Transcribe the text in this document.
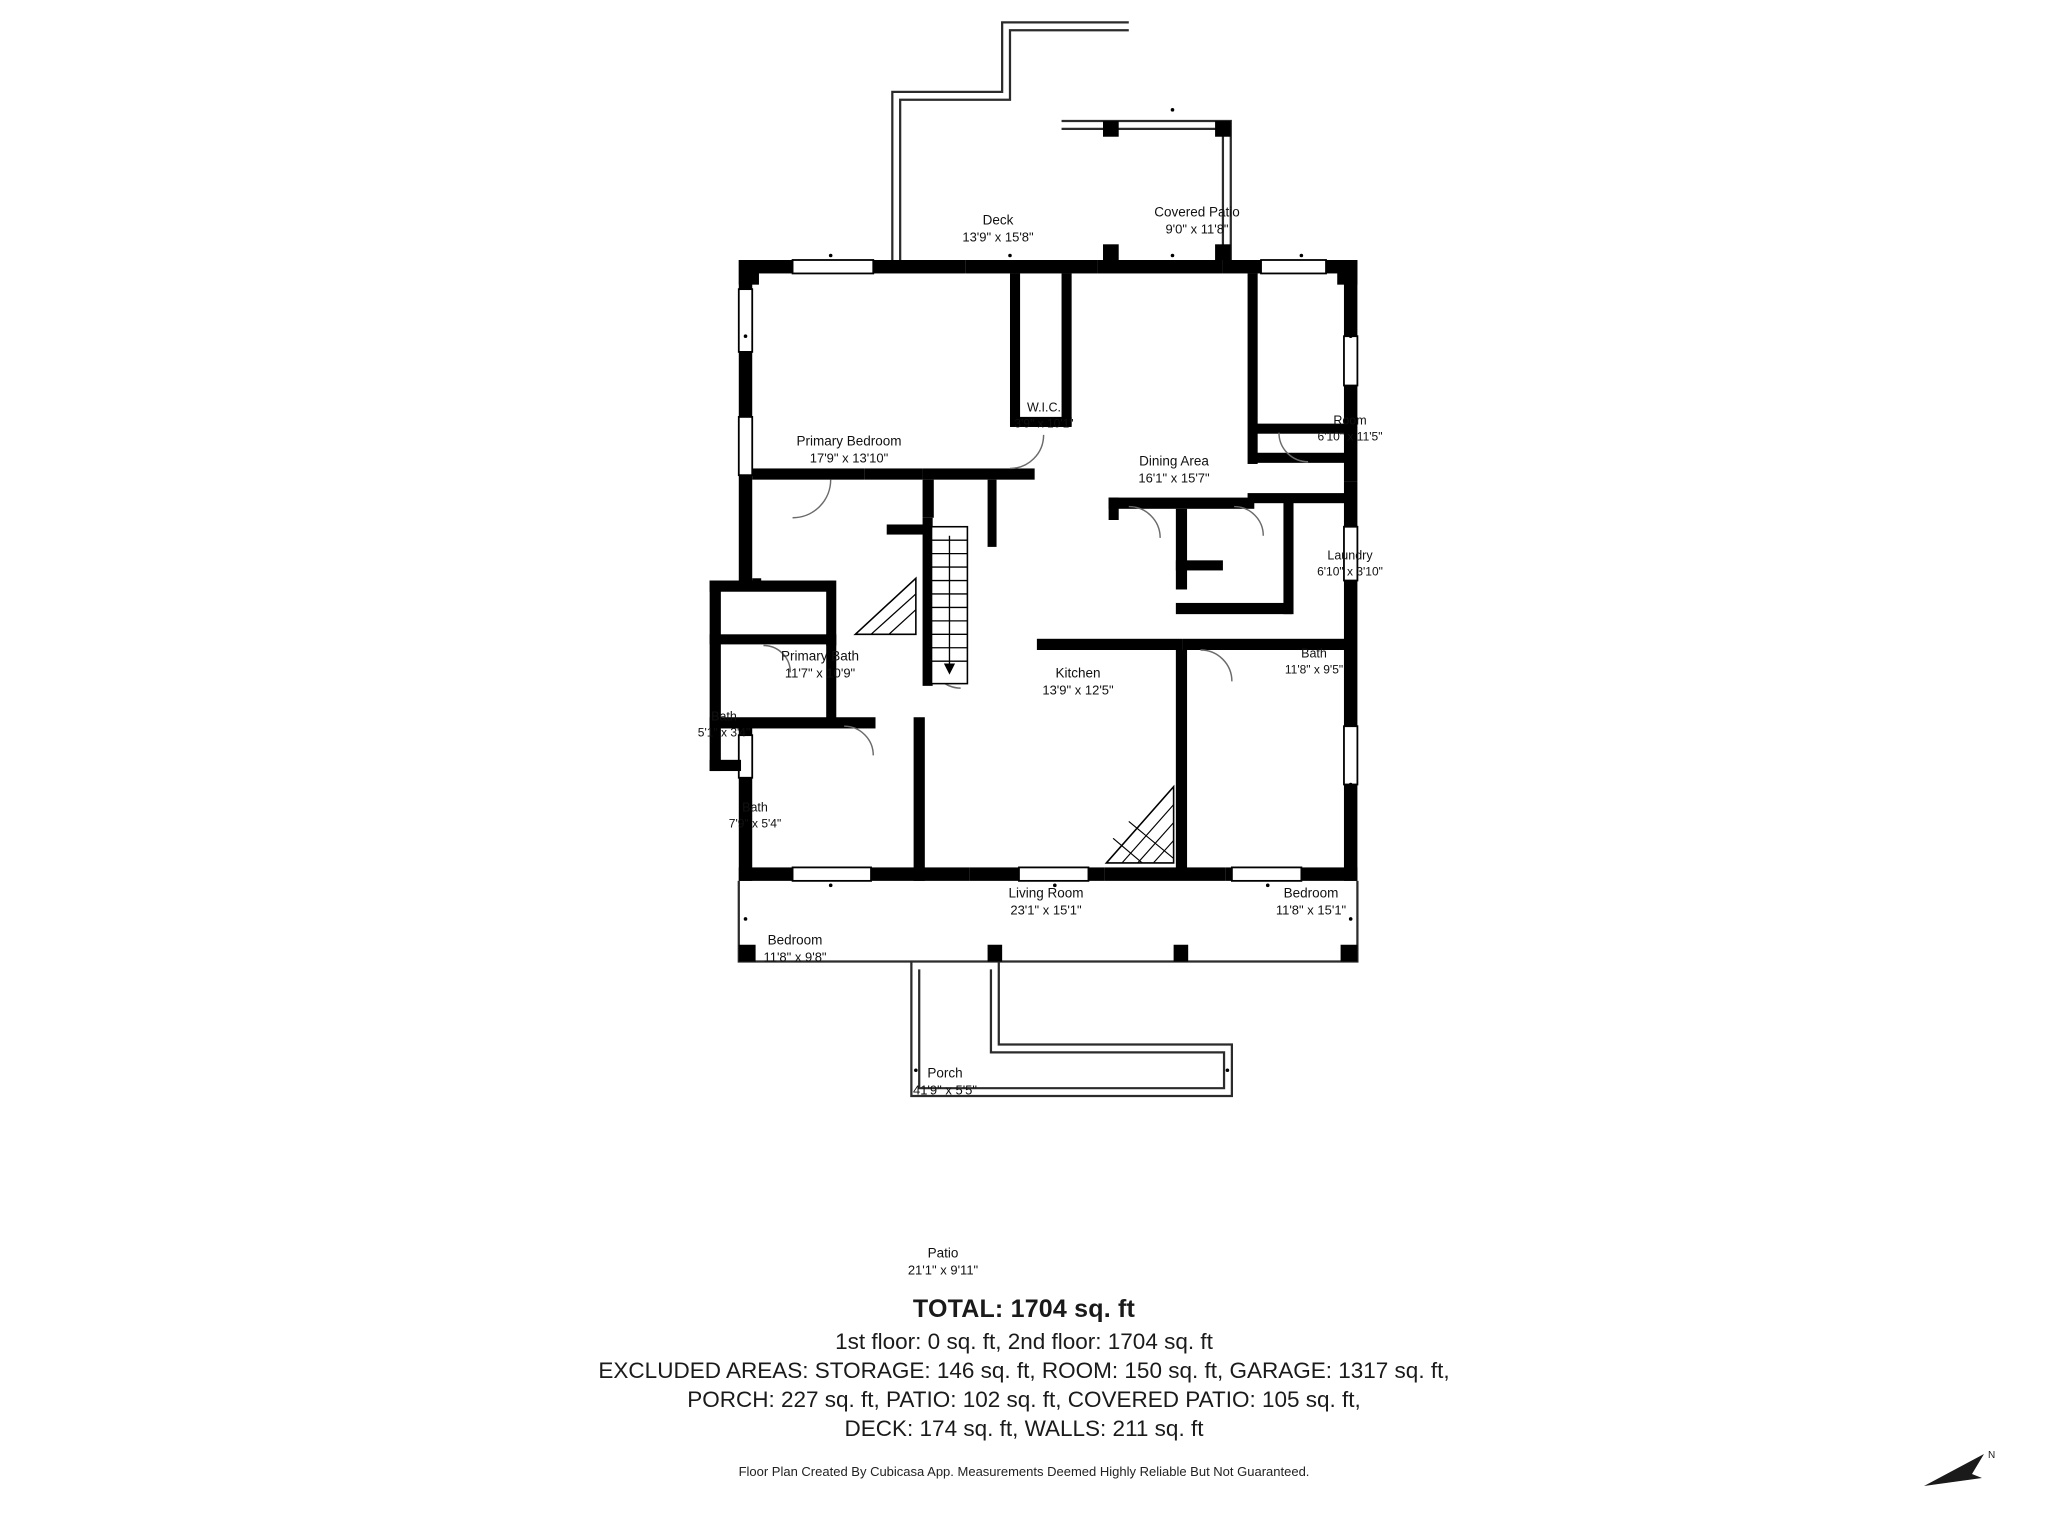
Deck
13'9" x 15'8"
Covered Patio
9'0" x 11'8"
Primary Bedroom
17'9" x 13'10"
W.I.C.
3'9" x 10'1"
Dining Area
16'1" x 15'7"
Room
6'10" x 11'5"
Laundry
6'10" x 3'10"
Primary Bath
11'7" x 10'9"	Kitchen
13'9" x 12'5"
Bath
11'8" x 9'5"
Bath
5'1" x 3'4"
Bath
7'9" x 5'4"
Living Room
23'1" x 15'1"
Bedroom
11'8" x 15'1"
Bedroom
11'8" x 9'8"
Porch
41'9" x 5'5"
Patio
21'1" x 9'11"
TOTAL: 1704 sq. ft
1st floor: 0 sq. ft, 2nd floor: 1704 sq. ft
EXCLUDED AREAS: STORAGE: 146 sq. ft, ROOM: 150 sq. ft, GARAGE: 1317 sq. ft,
PORCH: 227 sq. ft, PATIO: 102 sq. ft, COVERED PATIO: 105 sq. ft,
DECK: 174 sq. ft, WALLS: 211 sq. ft
Floor Plan Created By Cubicasa App. Measurements Deemed Highly Reliable But Not Guaranteed.
N
